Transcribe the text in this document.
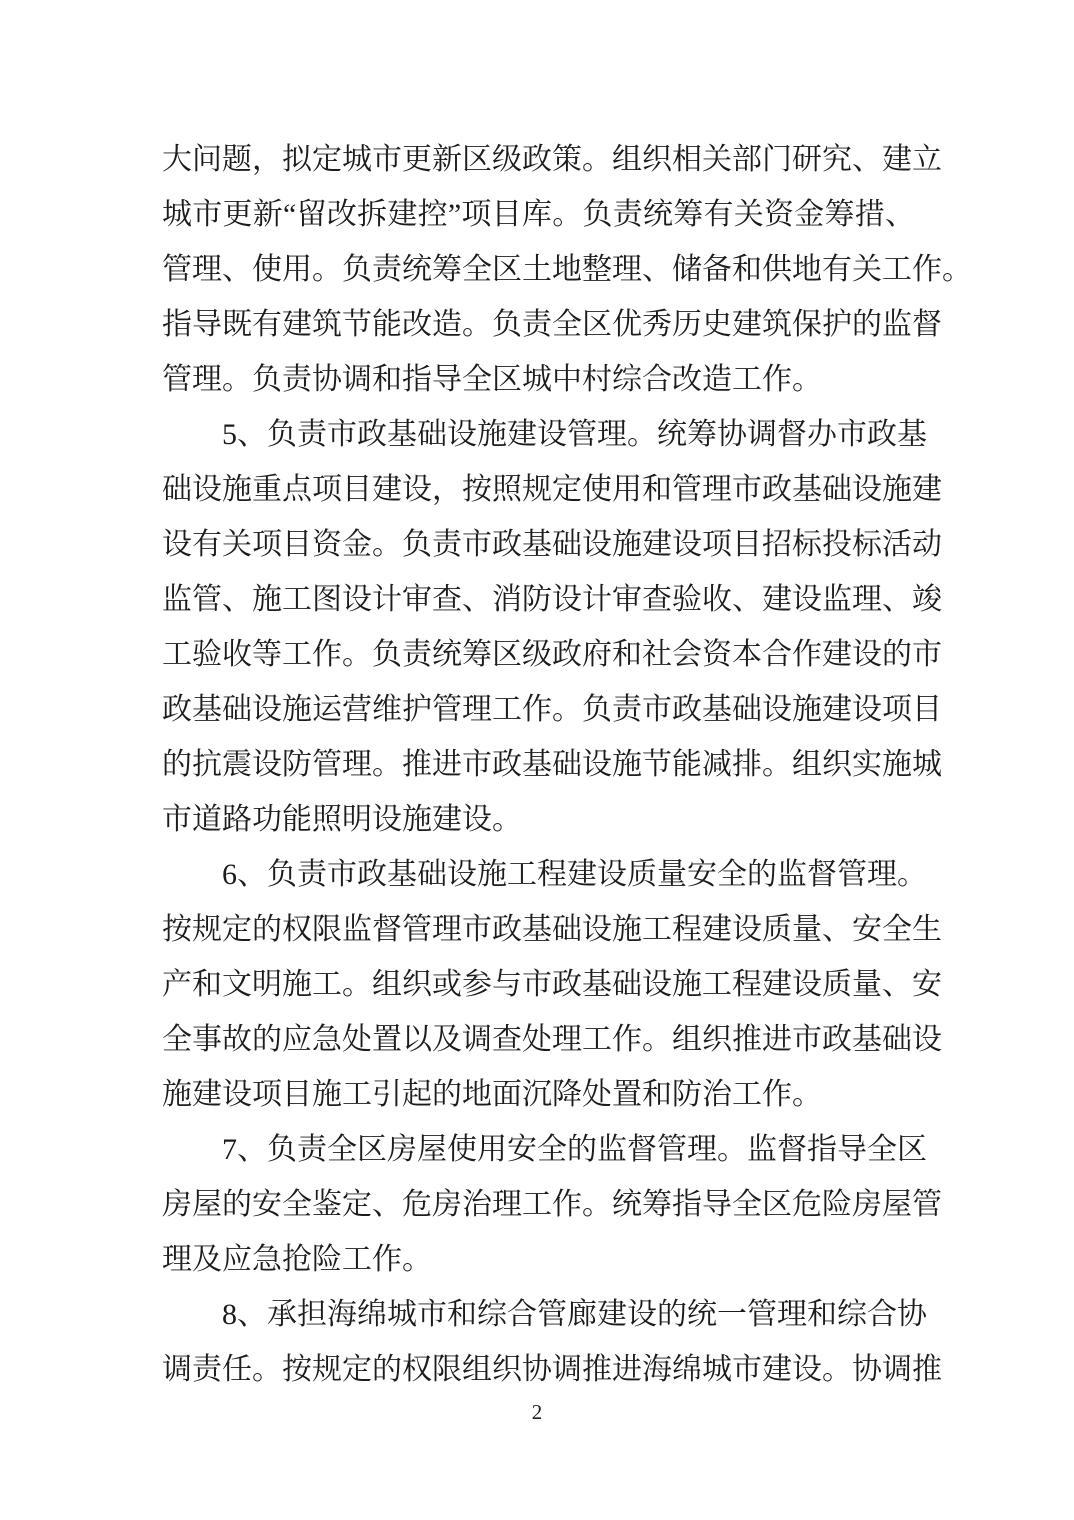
大问题，拟定城市更新区级政策。组织相关部门研究、建立
城市更新“留改拆建控”项目库。负责统筹有关资金筹措、
管理、使用。负责统筹全区土地整理、储备和供地有关工作。
指导既有建筑节能改造。负责全区优秀历史建筑保护的监督
管理。负责协调和指导全区城中村综合改造工作。
5、负责市政基础设施建设管理。统筹协调督办市政基
础设施重点项目建设，按照规定使用和管理市政基础设施建
设有关项目资金。负责市政基础设施建设项目招标投标活动
监管、施工图设计审查、消防设计审查验收、建设监理、竣
工验收等工作。负责统筹区级政府和社会资本合作建设的市
政基础设施运营维护管理工作。负责市政基础设施建设项目
的抗震设防管理。推进市政基础设施节能减排。组织实施城
市道路功能照明设施建设。
6、负责市政基础设施工程建设质量安全的监督管理。
按规定的权限监督管理市政基础设施工程建设质量、安全生
产和文明施工。组织或参与市政基础设施工程建设质量、安
全事故的应急处置以及调查处理工作。组织推进市政基础设
施建设项目施工引起的地面沉降处置和防治工作。
7、负责全区房屋使用安全的监督管理。监督指导全区
房屋的安全鉴定、危房治理工作。统筹指导全区危险房屋管
理及应急抢险工作。
8、承担海绵城市和综合管廊建设的统一管理和综合协
调责任。按规定的权限组织协调推进海绵城市建设。协调推
2
